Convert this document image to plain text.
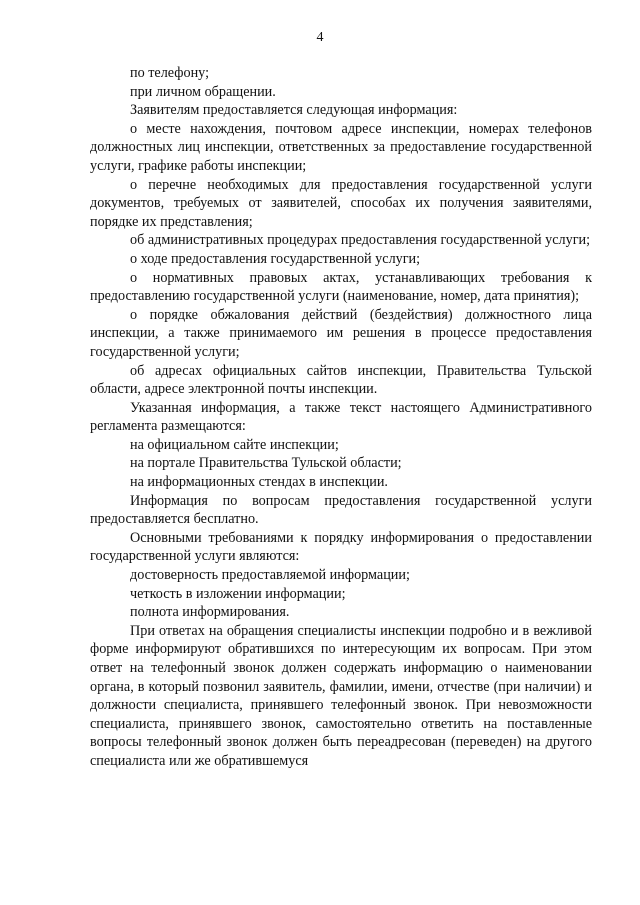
4

по телефону;

при личном обращении.

Заявителям предоставляется следующая информация:

о месте нахождения, почтовом адресе инспекции, номерах телефонов должностных лиц инспекции, ответственных за предоставление государственной услуги, графике работы инспекции;

о перечне необходимых для предоставления государственной услуги документов, требуемых от заявителей, способах их получения заявителями, порядке их представления;

об административных процедурах предоставления государственной услуги;

о ходе предоставления государственной услуги;

о нормативных правовых актах, устанавливающих требования к предоставлению государственной услуги (наименование, номер, дата принятия);

о порядке обжалования действий (бездействия) должностного лица инспекции, а также принимаемого им решения в процессе предоставления государственной услуги;

об адресах официальных сайтов инспекции, Правительства Тульской области, адресе электронной почты инспекции.

Указанная информация, а также текст настоящего Административного регламента размещаются:

на официальном сайте инспекции;

на портале Правительства Тульской области;

на информационных стендах в инспекции.

Информация по вопросам предоставления государственной услуги предоставляется бесплатно.

Основными требованиями к порядку информирования о предоставлении государственной услуги являются:

достоверность предоставляемой информации;

четкость в изложении информации;

полнота информирования.

При ответах на обращения специалисты инспекции подробно и в вежливой форме информируют обратившихся по интересующим их вопросам. При этом ответ на телефонный звонок должен содержать информацию о наименовании органа, в который позвонил заявитель, фамилии, имени, отчестве (при наличии) и должности специалиста, принявшего телефонный звонок. При невозможности специалиста, принявшего звонок, самостоятельно ответить на поставленные вопросы телефонный звонок должен быть переадресован (переведен) на другого специалиста или же обратившемуся
